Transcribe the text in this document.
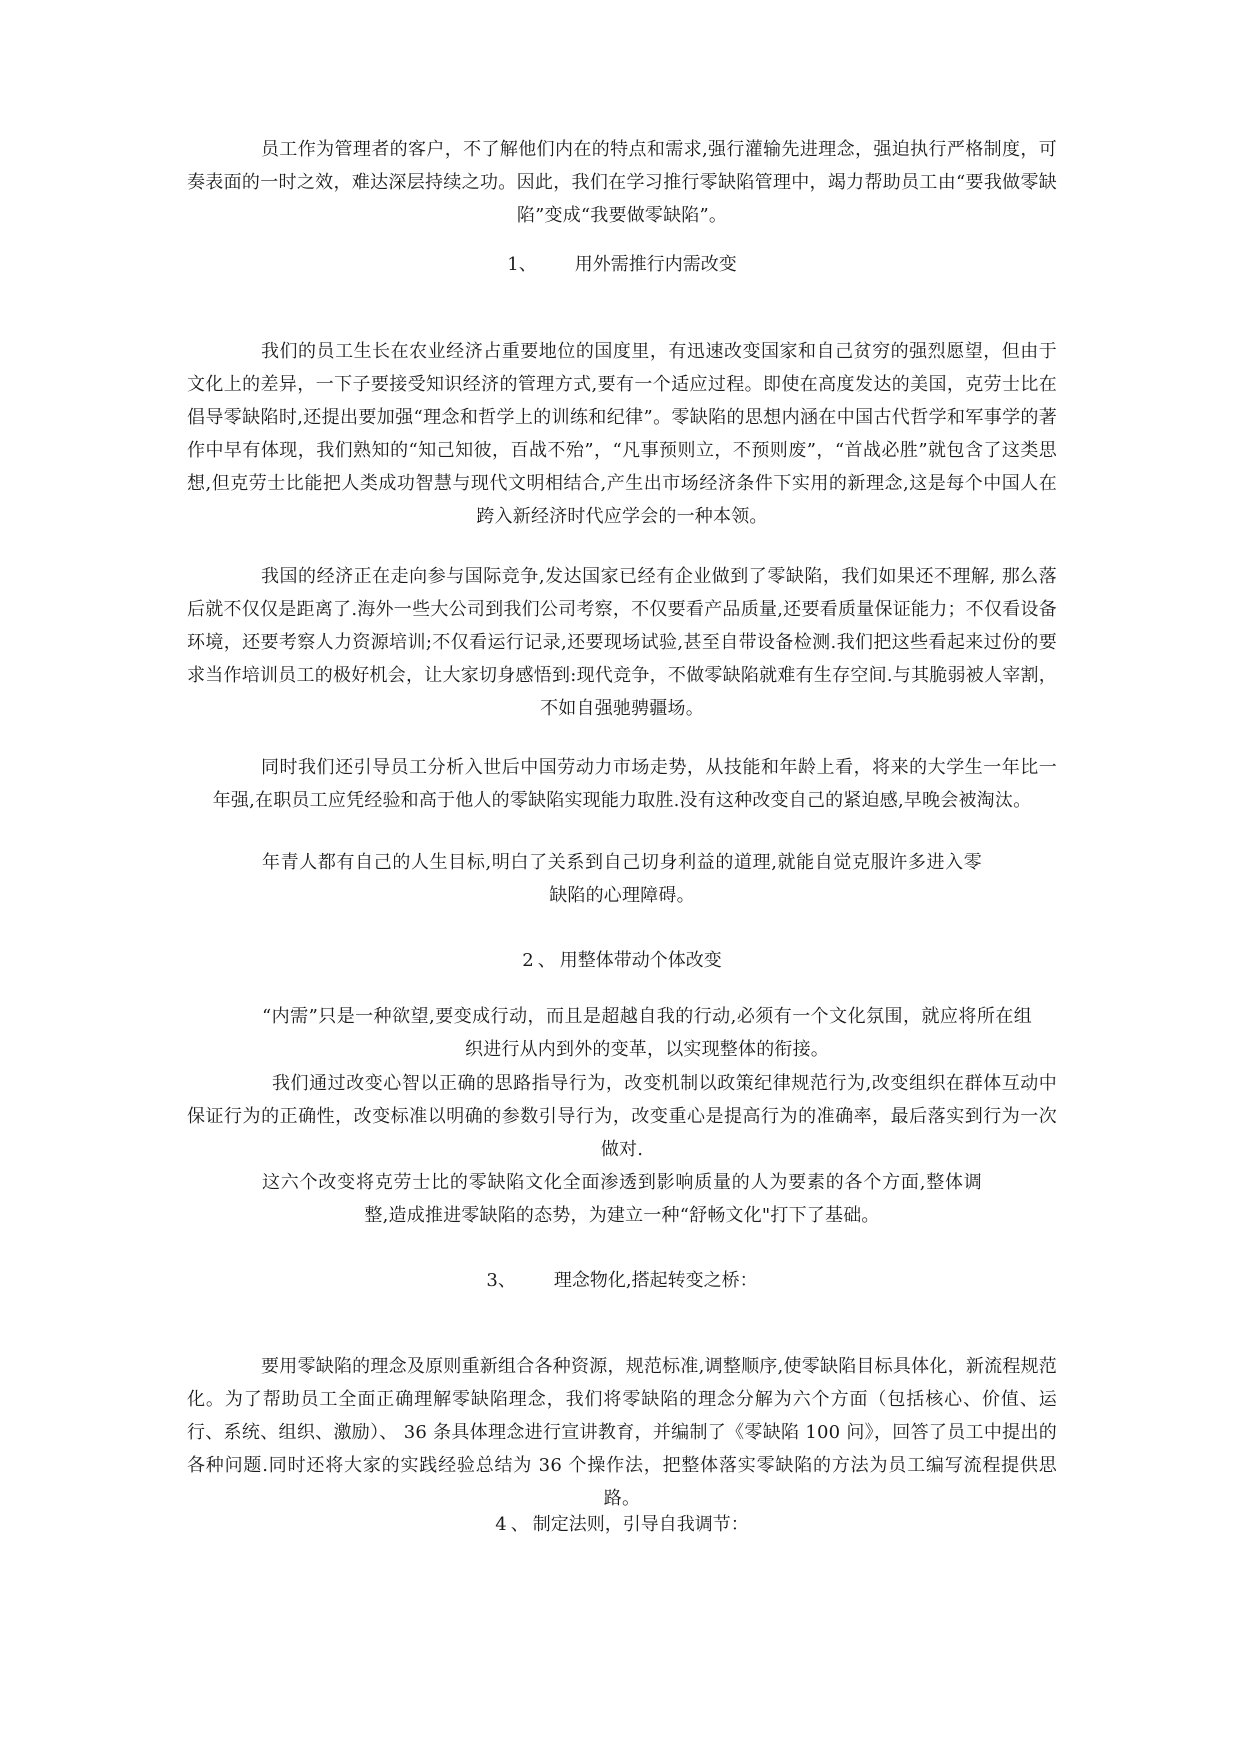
员工作为管理者的客户，不了解他们内在的特点和需求,强行灌输先进理念，强迫执行严格制度，可奏表面的一时之效，难达深层持续之功。因此，我们在学习推行零缺陷管理中，竭力帮助员工由“要我做零缺陷”变成“我要做零缺陷”。

1、 用外需推行内需改变

我们的员工生长在农业经济占重要地位的国度里，有迅速改变国家和自己贫穷的强烈愿望，但由于文化上的差异，一下子要接受知识经济的管理方式,要有一个适应过程。即使在高度发达的美国，克劳士比在倡导零缺陷时,还提出要加强“理念和哲学上的训练和纪律”。零缺陷的思想内涵在中国古代哲学和军事学的著作中早有体现，我们熟知的“知己知彼，百战不殆”，“凡事预则立，不预则废”，“首战必胜”就包含了这类思想,但克劳士比能把人类成功智慧与现代文明相结合,产生出市场经济条件下实用的新理念,这是每个中国人在跨入新经济时代应学会的一种本领。

我国的经济正在走向参与国际竞争,发达国家已经有企业做到了零缺陷，我们如果还不理解, 那么落后就不仅仅是距离了.海外一些大公司到我们公司考察，不仅要看产品质量,还要看质量保证能力；不仅看设备环境，还要考察人力资源培训;不仅看运行记录,还要现场试验,甚至自带设备检测.我们把这些看起来过份的要求当作培训员工的极好机会，让大家切身感悟到:现代竞争，不做零缺陷就难有生存空间.与其脆弱被人宰割，不如自强驰骋疆场。

同时我们还引导员工分析入世后中国劳动力市场走势，从技能和年龄上看，将来的大学生一年比一年强,在职员工应凭经验和高于他人的零缺陷实现能力取胜.没有这种改变自己的紧迫感,早晚会被淘汰。

年青人都有自己的人生目标,明白了关系到自己切身利益的道理,就能自觉克服许多进入零缺陷的心理障碍。

2 、 用整体带动个体改变

“内需”只是一种欲望,要变成行动，而且是超越自我的行动,必须有一个文化氛围，就应将所在组织进行从内到外的变革，以实现整体的衔接。

我们通过改变心智以正确的思路指导行为，改变机制以政策纪律规范行为,改变组织在群体互动中保证行为的正确性，改变标准以明确的参数引导行为，改变重心是提高行为的准确率，最后落实到行为一次做对.

这六个改变将克劳士比的零缺陷文化全面渗透到影响质量的人为要素的各个方面,整体调整,造成推进零缺陷的态势，为建立一种“舒畅文化"打下了基础。

3、 理念物化,搭起转变之桥：

要用零缺陷的理念及原则重新组合各种资源，规范标准,调整顺序,使零缺陷目标具体化，新流程规范化。为了帮助员工全面正确理解零缺陷理念，我们将零缺陷的理念分解为六个方面（包括核心、价值、运行、系统、组织、激励）、 36 条具体理念进行宣讲教育，并编制了《零缺陷 100 问》，回答了员工中提出的各种问题.同时还将大家的实践经验总结为 36 个操作法，把整体落实零缺陷的方法为员工编写流程提供思路。

4 、 制定法则，引导自我调节：
